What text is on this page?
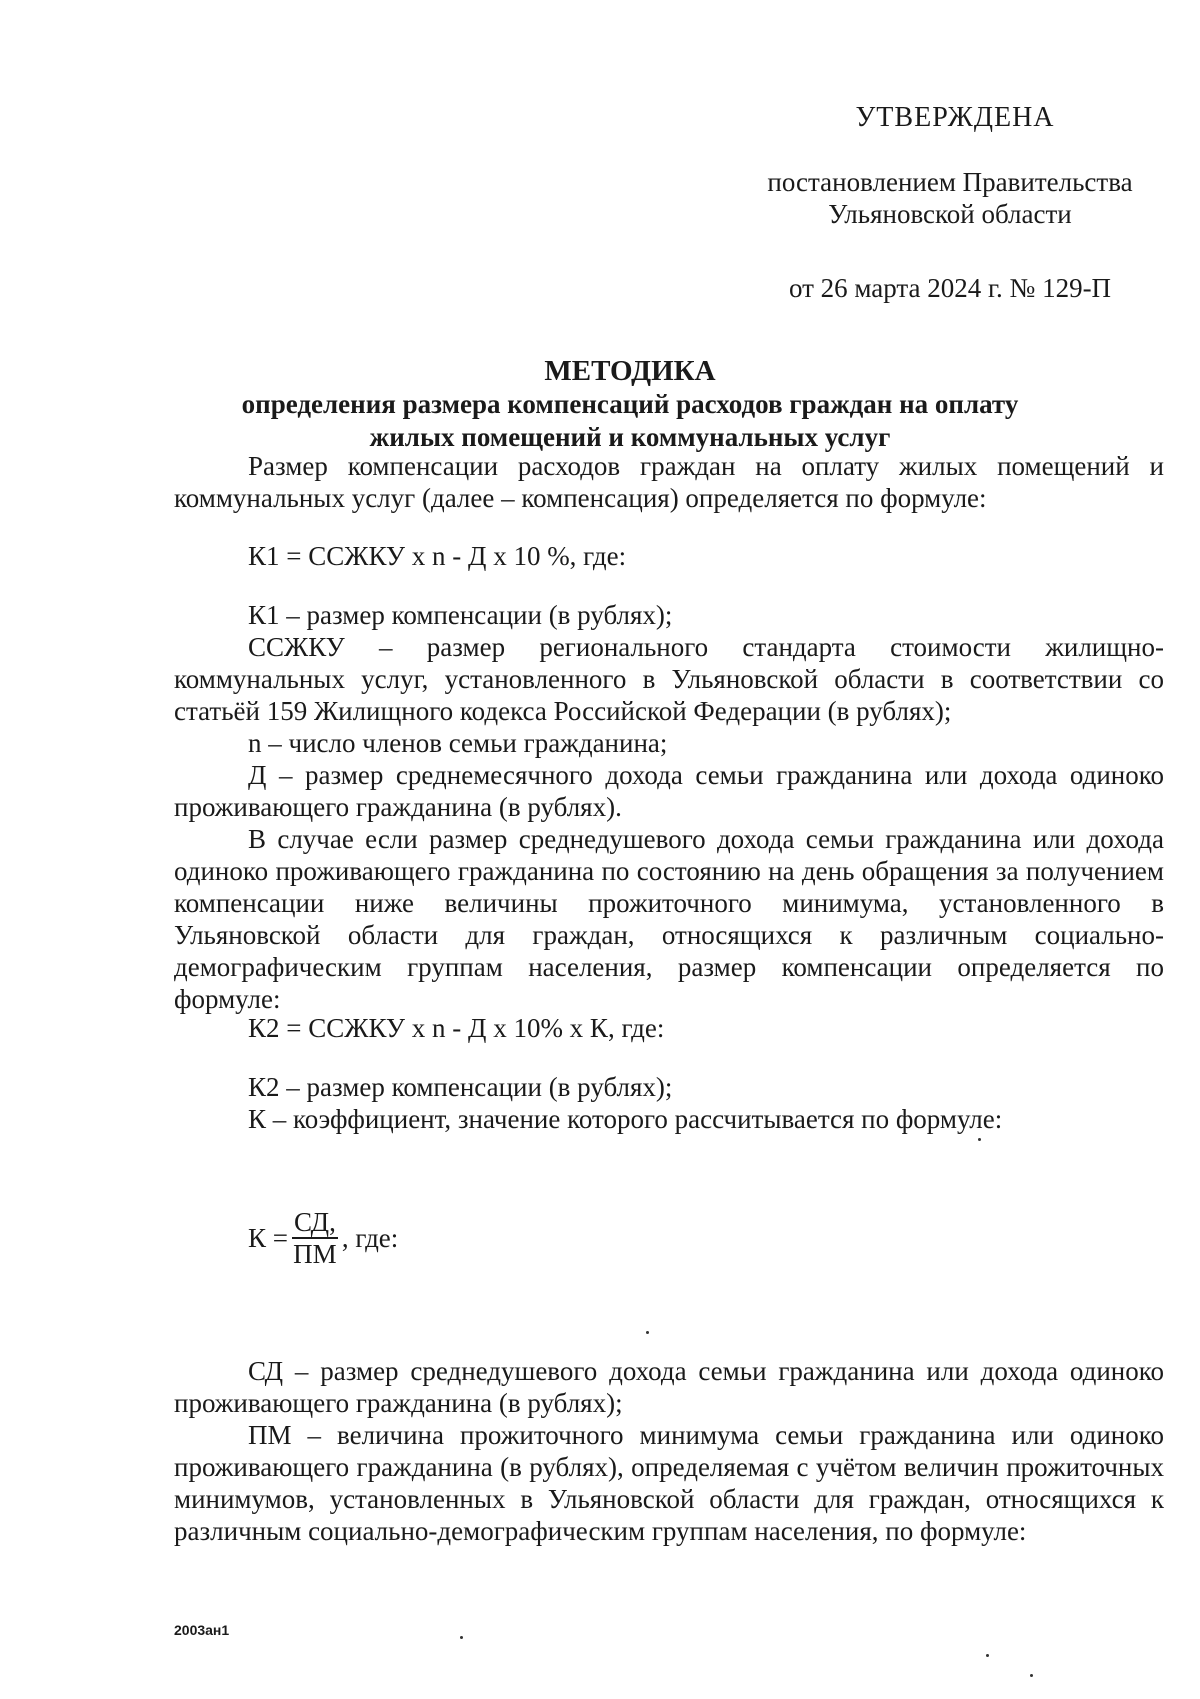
УТВЕРЖДЕНА
постановлением Правительства
Ульяновской области
от 26 марта 2024 г. № 129-П
МЕТОДИКА
определения размера компенсаций расходов граждан на оплату
жилых помещений и коммунальных услуг

Размер компенсации расходов граждан на оплату жилых помещений и коммунальных услуг (далее – компенсация) определяется по формуле:

К1 = ССЖКУ х n - Д х 10 %, где:

К1 – размер компенсации (в рублях);

ССЖКУ – размер регионального стандарта стоимости жилищно-коммунальных услуг, установленного в Ульяновской области в соответствии со статьёй 159 Жилищного кодекса Российской Федерации (в рублях);

n – число членов семьи гражданина;

Д – размер среднемесячного дохода семьи гражданина или дохода одиноко проживающего гражданина (в рублях).

В случае если размер среднедушевого дохода семьи гражданина или дохода одиноко проживающего гражданина по состоянию на день обращения за получением компенсации ниже величины прожиточного минимума, установленного в Ульяновской области для граждан, относящихся к различным социально-демографическим группам населения, размер компенсации определяется по формуле:

К2 = ССЖКУ х n - Д х 10% х К, где:

К2 – размер компенсации (в рублях);

К – коэффициент, значение которого рассчитывается по формуле:

$К = \frac{СД,}{ПМ}$ , где:

СД – размер среднедушевого дохода семьи гражданина или дохода одиноко проживающего гражданина (в рублях);

ПМ – величина прожиточного минимума семьи гражданина или одиноко проживающего гражданина (в рублях), определяемая с учётом величин прожиточных минимумов, установленных в Ульяновской области для граждан, относящихся к различным социально-демографическим группам населения, по формуле:

2003ан1
